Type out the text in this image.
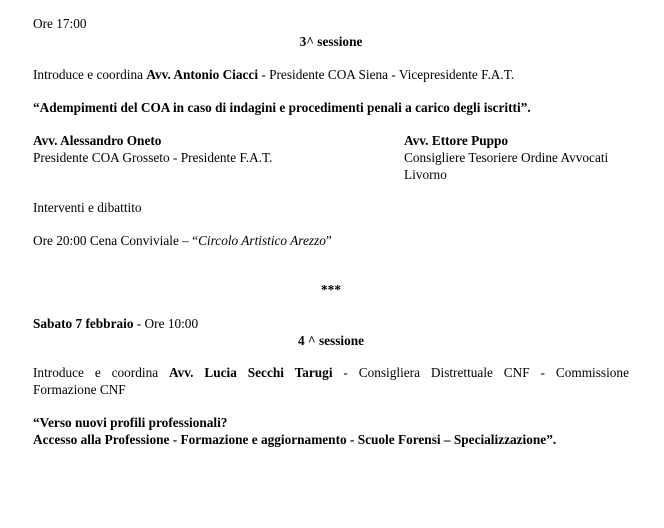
Ore 17:00
3^ sessione
Introduce e coordina Avv. Antonio Ciacci - Presidente COA Siena - Vicepresidente F.A.T.
“Adempimenti del COA in caso di indagini e procedimenti penali a carico degli iscritti”.
Avv. Alessandro Oneto
Presidente COA Grosseto - Presidente F.A.T.
Avv. Ettore Puppo
Consigliere Tesoriere Ordine Avvocati
Livorno
Interventi e dibattito
Ore 20:00 Cena Conviviale – “Circolo Artistico Arezzo”
***
Sabato 7 febbraio - Ore 10:00
4 ^ sessione
Introduce e coordina Avv. Lucia Secchi Tarugi - Consigliera Distrettuale CNF - Commissione
Formazione CNF
“Verso nuovi profili professionali?
Accesso alla Professione - Formazione e aggiornamento - Scuole Forensi – Specializzazione”.
